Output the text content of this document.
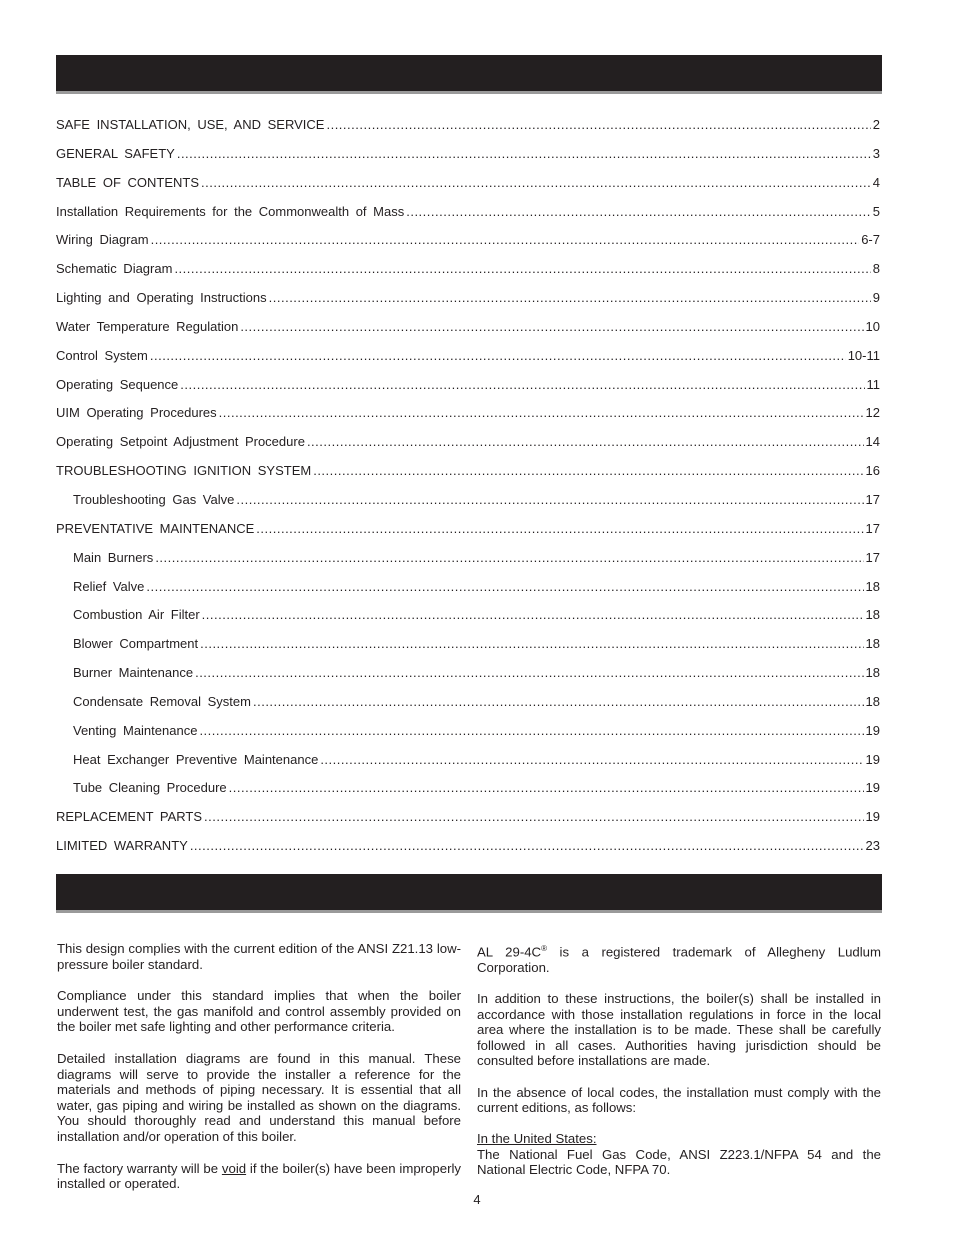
SAFE INSTALLATION, USE, AND SERVICE .....	2
GENERAL SAFETY .....	3
TABLE OF CONTENTS .....	4
Installation Requirements for the Commonwealth of Mass .....	5
Wiring Diagram .....	6-7
Schematic Diagram .....	8
Lighting and Operating Instructions .....	9
Water Temperature Regulation .....	10
Control System .....	10-11
Operating Sequence .....	11
UIM Operating Procedures .....	12
Operating Setpoint Adjustment Procedure .....	14
TROUBLESHOOTING IGNITION SYSTEM .....	16
Troubleshooting Gas Valve .....	17
PREVENTATIVE MAINTENANCE .....	17
Main Burners .....	17
Relief Valve .....	18
Combustion Air Filter .....	18
Blower Compartment .....	18
Burner Maintenance .....	18
Condensate Removal System .....	18
Venting Maintenance .....	19
Heat Exchanger Preventive Maintenance .....	19
Tube Cleaning Procedure .....	19
REPLACEMENT PARTS .....	19
LIMITED WARRANTY .....	23

This design complies with the current edition of the ANSI Z21.13 low-pressure boiler standard.

Compliance under this standard implies that when the boiler underwent test, the gas manifold and control assembly provided on the boiler met safe lighting and other performance criteria.

Detailed installation diagrams are found in this manual. These diagrams will serve to provide the installer a reference for the materials and methods of piping necessary. It is essential that all water, gas piping and wiring be installed as shown on the diagrams. You should thoroughly read and understand this manual before installation and/or operation of this boiler.

The factory warranty will be void if the boiler(s) have been improperly installed or operated.

AL 29-4C® is a registered trademark of Allegheny Ludlum Corporation.

In addition to these instructions, the boiler(s) shall be installed in accordance with those installation regulations in force in the local area where the installation is to be made. These shall be carefully followed in all cases. Authorities having jurisdiction should be consulted before installations are made.

In the absence of local codes, the installation must comply with the current editions, as follows:

In the United States:
The National Fuel Gas Code, ANSI Z223.1/NFPA 54 and the National Electric Code, NFPA 70.
4
